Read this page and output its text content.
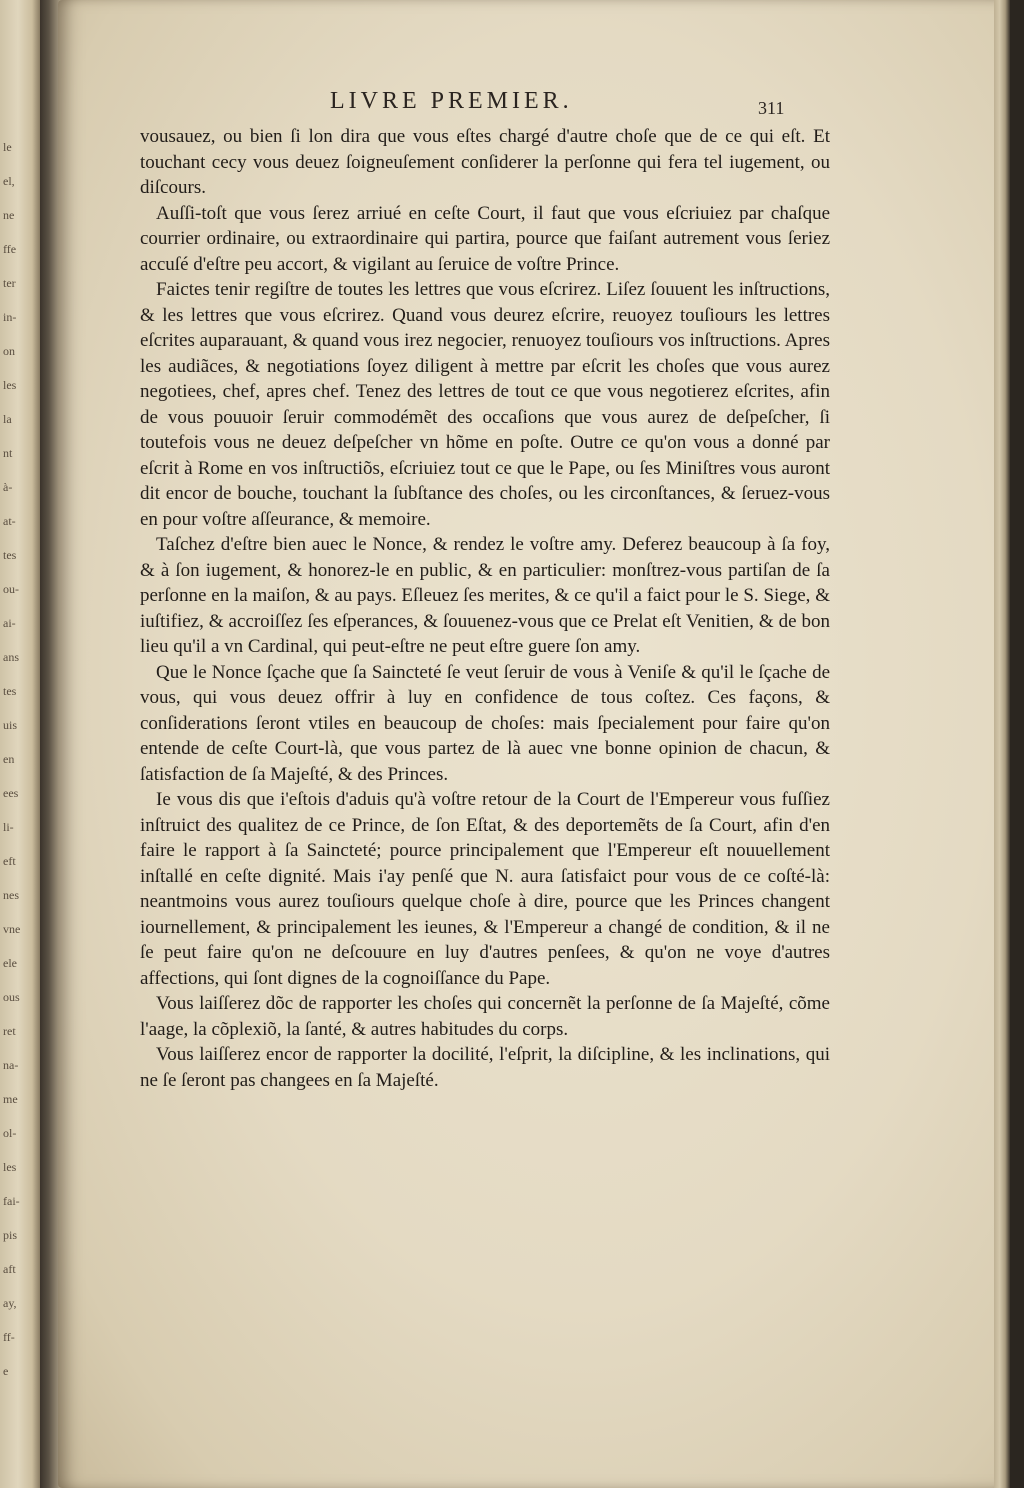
le
el,
ne
ffe
ter
in-
on
les
la
nt
à-
at-
tes
ou-
ai-
ans
tes
uis
en
ees
li-
eft
nes
vne
ele
ous
ret
na-
me
ol-
les
fai-
pis
aft
ay,
ff-
e
LIVRE PREMIER.	311

vousauez, ou bien ſi lon dira que vous eſtes chargé d'autre choſe que de ce qui eſt. Et touchant cecy vous deuez ſoigneuſement conſiderer la perſonne qui fera tel iugement, ou diſcours.

Auſſi-toſt que vous ſerez arriué en ceſte Court, il faut que vous eſcriuiez par chaſque courrier ordinaire, ou extraordinaire qui partira, pource que faiſant autrement vous ſeriez accuſé d'eſtre peu accort, & vigilant au ſeruice de voſtre Prince.

Faictes tenir regiſtre de toutes les lettres que vous eſcrirez. Liſez ſouuent les inſtructions, & les lettres que vous eſcrirez. Quand vous deurez eſcrire, reuoyez touſiours les lettres eſcrites auparauant, & quand vous irez negocier, renuoyez touſiours vos inſtructions. Apres les audiãces, & negotiations ſoyez diligent à mettre par eſcrit les choſes que vous aurez negotiees, chef, apres chef. Tenez des lettres de tout ce que vous negotierez eſcrites, afin de vous pouuoir ſeruir commodémẽt des occaſions que vous aurez de deſpeſcher, ſi toutefois vous ne deuez deſpeſcher vn hõme en poſte. Outre ce qu'on vous a donné par eſcrit à Rome en vos inſtructiõs, eſcriuiez tout ce que le Pape, ou ſes Miniſtres vous auront dit encor de bouche, touchant la ſubſtance des choſes, ou les circonſtances, & ſeruez-vous en pour voſtre aſſeurance, & memoire.

Taſchez d'eſtre bien auec le Nonce, & rendez le voſtre amy. Deferez beaucoup à ſa foy, & à ſon iugement, & honorez-le en public, & en particulier: monſtrez-vous partiſan de ſa perſonne en la maiſon, & au pays. Eſleuez ſes merites, & ce qu'il a faict pour le S. Siege, & iuſtifiez, & accroiſſez ſes eſperances, & ſouuenez-vous que ce Prelat eſt Venitien, & de bon lieu qu'il a vn Cardinal, qui peut-eſtre ne peut eſtre guere ſon amy.

Que le Nonce ſçache que ſa Saincteté ſe veut ſeruir de vous à Veniſe & qu'il le ſçache de vous, qui vous deuez offrir à luy en confidence de tous coſtez. Ces façons, & conſiderations ſeront vtiles en beaucoup de choſes: mais ſpecialement pour faire qu'on entende de ceſte Court-là, que vous partez de là auec vne bonne opinion de chacun, & ſatisfaction de ſa Majeſté, & des Princes.

Ie vous dis que i'eſtois d'aduis qu'à voſtre retour de la Court de l'Empereur vous fuſſiez inſtruict des qualitez de ce Prince, de ſon Eſtat, & des deportemẽts de ſa Court, afin d'en faire le rapport à ſa Saincteté; pource principalement que l'Empereur eſt nouuellement inſtallé en ceſte dignité. Mais i'ay penſé que N. aura ſatisfaict pour vous de ce coſté-là: neantmoins vous aurez touſiours quelque choſe à dire, pource que les Princes changent iournellement, & principalement les ieunes, & l'Empereur a changé de condition, & il ne ſe peut faire qu'on ne deſcouure en luy d'autres penſees, & qu'on ne voye d'autres affections, qui ſont dignes de la cognoiſſance du Pape.

Vous laiſſerez dõc de rapporter les choſes qui concernẽt la perſonne de ſa Majeſté, cõme l'aage, la cõplexiõ, la ſanté, & autres habitudes du corps.

Vous laiſſerez encor de rapporter la docilité, l'eſprit, la diſcipline, & les inclinations, qui ne ſe ſeront pas changees en ſa Majeſté.
